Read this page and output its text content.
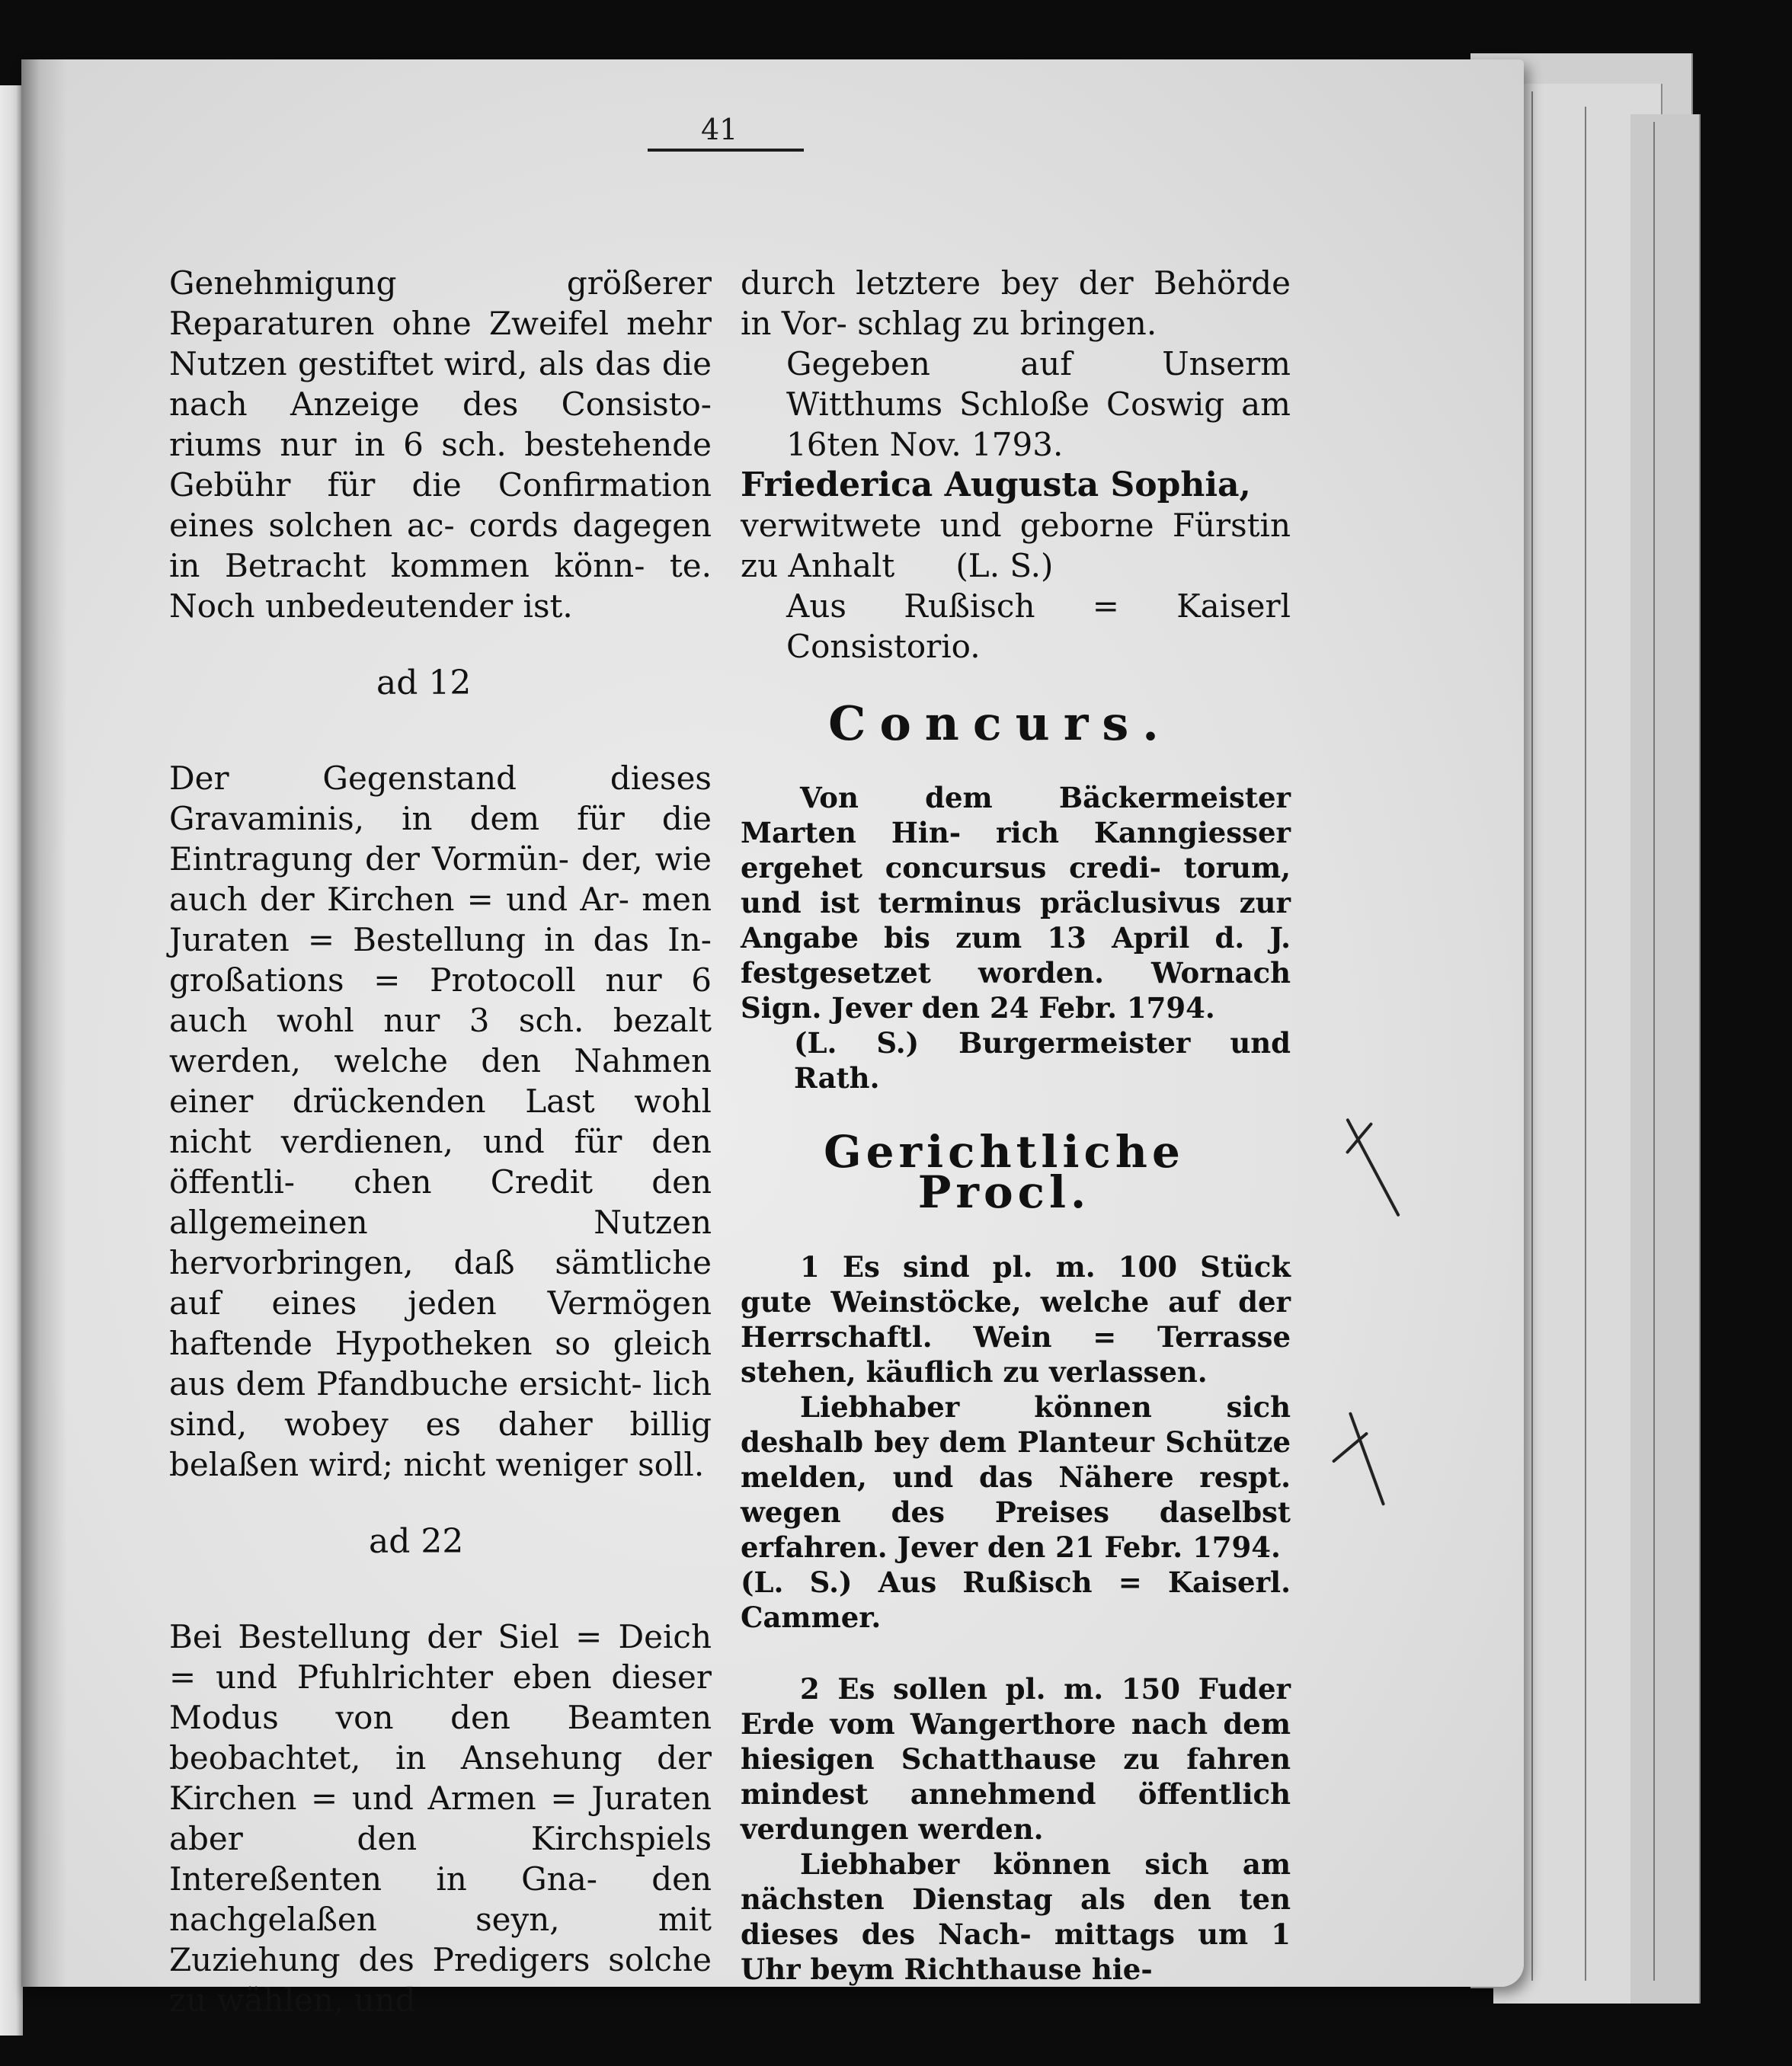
41

Genehmigung größerer Reparaturen ohne Zweifel mehr Nutzen gestiftet wird, als das die nach Anzeige des Consisto- riums nur in 6 sch. bestehende Gebühr für die Confirmation eines solchen ac- cords dagegen in Betracht kommen könn- te. Noch unbedeutender ist.

ad 12

Der Gegenstand dieses Gravaminis, in dem für die Eintragung der Vormün- der, wie auch der Kirchen = und Ar- men Juraten = Bestellung in das In- großations = Protocoll nur 6 auch wohl nur 3 sch. bezalt werden, welche den Nahmen einer drückenden Last wohl nicht verdienen, und für den öffentli- chen Credit den allgemeinen Nutzen hervorbringen, daß sämtliche auf eines jeden Vermögen haftende Hypotheken so gleich aus dem Pfandbuche ersicht- lich sind, wobey es daher billig belaßen wird; nicht weniger soll.

ad 22

Bei Bestellung der Siel = Deich = und Pfuhlrichter eben dieser Modus von den Beamten beobachtet, in Ansehung der Kirchen = und Armen = Juraten aber den Kirchspiels Intereßenten in Gna- den nachgelaßen seyn, mit Zuziehung des Predigers solche zu wählen, und

durch letztere bey der Behörde in Vor- schlag zu bringen.

Gegeben auf Unserm Witthums Schloße Coswig am 16ten Nov. 1793.

Friederica Augusta Sophia,

verwitwete und geborne Fürstin zu Anhalt (L. S.)

Aus Rußisch = Kaiserl Consistorio.

Concurs.

Von dem Bäckermeister Marten Hin- rich Kanngiesser ergehet concursus credi- torum, und ist terminus präclusivus zur Angabe bis zum 13 April d. J. festgesetzet worden. Wornach Sign. Jever den 24 Febr. 1794.

(L. S.) Burgermeister und Rath.

Gerichtliche Procl.

1 Es sind pl. m. 100 Stück gute Weinstöcke, welche auf der Herrschaftl. Wein = Terrasse stehen, käuflich zu verlassen.

Liebhaber können sich deshalb bey dem Planteur Schütze melden, und das Nähere respt. wegen des Preises daselbst erfahren. Jever den 21 Febr. 1794.

(L. S.) Aus Rußisch = Kaiserl. Cammer.

2 Es sollen pl. m. 150 Fuder Erde vom Wangerthore nach dem hiesigen Schatthause zu fahren mindest annehmend öffentlich verdungen werden.

Liebhaber können sich am nächsten Dienstag als den ten dieses des Nach- mittags um 1 Uhr beym Richthause hie-
